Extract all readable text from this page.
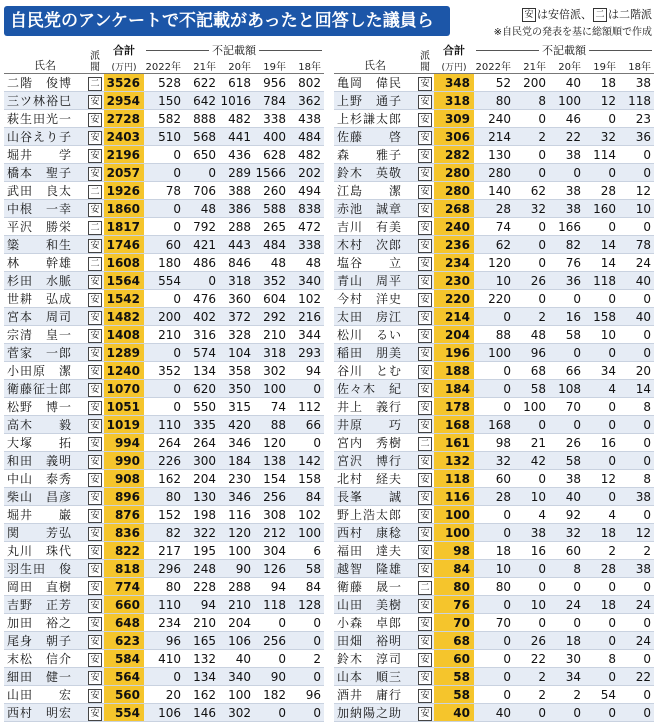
自民党のアンケートで不記載があったと回答した議員ら	安 は安倍派、 二 は二階派
※自民党の発表を基に総額順で作成
氏名	派閥	合計	不記載額				
		(万円)	2022年	21年	20年	19年	18年
二階　俊博	二	3526	528	622	618	956	802
三ツ林裕巳	安	2954	150	642	1016	784	362
萩生田光一	安	2728	582	888	482	338	438
山谷えり子	安	2403	510	568	441	400	484
堀井　　学	安	2196	0	650	436	628	482
橋本　聖子	安	2057	0	0	289	1566	202
武田　良太	二	1926	78	706	388	260	494
中根　一幸	安	1860	0	48	386	588	838
平沢　勝栄	二	1817	0	792	288	265	472
簗　　和生	安	1746	60	421	443	484	338
林　　幹雄	二	1608	180	486	846	48	48
杉田　水脈	安	1564	554	0	318	352	340
世耕　弘成	安	1542	0	476	360	604	102
宮本　周司	安	1482	200	402	372	292	216
宗清　皇一	安	1408	210	316	328	210	344
菅家　一郎	安	1289	0	574	104	318	293
小田原　潔	安	1240	352	134	358	302	94
衛藤征士郎	安	1070	0	620	350	100	0
松野　博一	安	1051	0	550	315	74	112
高木　　毅	安	1019	110	335	420	88	66
大塚　　拓	安	994	264	264	346	120	0
和田　義明	安	990	226	300	184	138	142
中山　泰秀	安	908	162	204	230	154	158
柴山　昌彦	安	896	80	130	346	256	84
堀井　　巌	安	876	152	198	116	308	102
関　　芳弘	安	836	82	322	120	212	100
丸川　珠代	安	822	217	195	100	304	6
羽生田　俊	安	818	296	248	90	126	58
岡田　直樹	安	774	80	228	288	94	84
吉野　正芳	安	660	110	94	210	118	128
加田　裕之	安	648	234	210	204	0	0
尾身　朝子	安	623	96	165	106	256	0
末松　信介	安	584	410	132	40	0	2
細田　健一	安	564	0	134	340	90	0
山田　　宏	安	560	20	162	100	182	96
西村　明宏	安	554	106	146	302	0	0
氏名	派閥	合計	不記載額				
		(万円)	2022年	21年	20年	19年	18年
亀岡　偉民	安	348	52	200	40	18	38
上野　通子	安	318	80	8	100	12	118
上杉謙太郎	安	309	240	0	46	0	23
佐藤　　啓	安	306	214	2	22	32	36
森　　雅子	安	282	130	0	38	114	0
鈴木　英敬	安	280	280	0	0	0	0
江島　　潔	安	280	140	62	38	28	12
赤池　誠章	安	268	28	32	38	160	10
吉川　有美	安	240	74	0	166	0	0
木村　次郎	安	236	62	0	82	14	78
塩谷　　立	安	234	120	0	76	14	24
青山　周平	安	230	10	26	36	118	40
今村　洋史	安	220	220	0	0	0	0
太田　房江	安	214	0	2	16	158	40
松川　るい	安	204	88	48	58	10	0
稲田　朋美	安	196	100	96	0	0	0
谷川　とむ	安	188	0	68	66	34	20
佐々木　紀	安	184	0	58	108	4	14
井上　義行	安	178	0	100	70	0	8
井原　　巧	安	168	168	0	0	0	0
宮内　秀樹	二	161	98	21	26	16	0
宮沢　博行	安	132	32	42	58	0	0
北村　経夫	安	118	60	0	38	12	8
長峯　　誠	安	116	28	10	40	0	38
野上浩太郎	安	100	0	4	92	4	0
西村　康稔	安	100	0	38	32	18	12
福田　達夫	安	98	18	16	60	2	2
越智　隆雄	安	84	10	0	8	28	38
衛藤　晟一	二	80	80	0	0	0	0
山田　美樹	安	76	0	10	24	18	24
小森　卓郎	安	70	70	0	0	0	0
田畑　裕明	安	68	0	26	18	0	24
鈴木　淳司	安	60	0	22	30	8	0
山本　順三	安	58	0	2	34	0	22
酒井　庸行	安	58	0	2	2	54	0
加納陽之助	安	40	40	0	0	0	0
